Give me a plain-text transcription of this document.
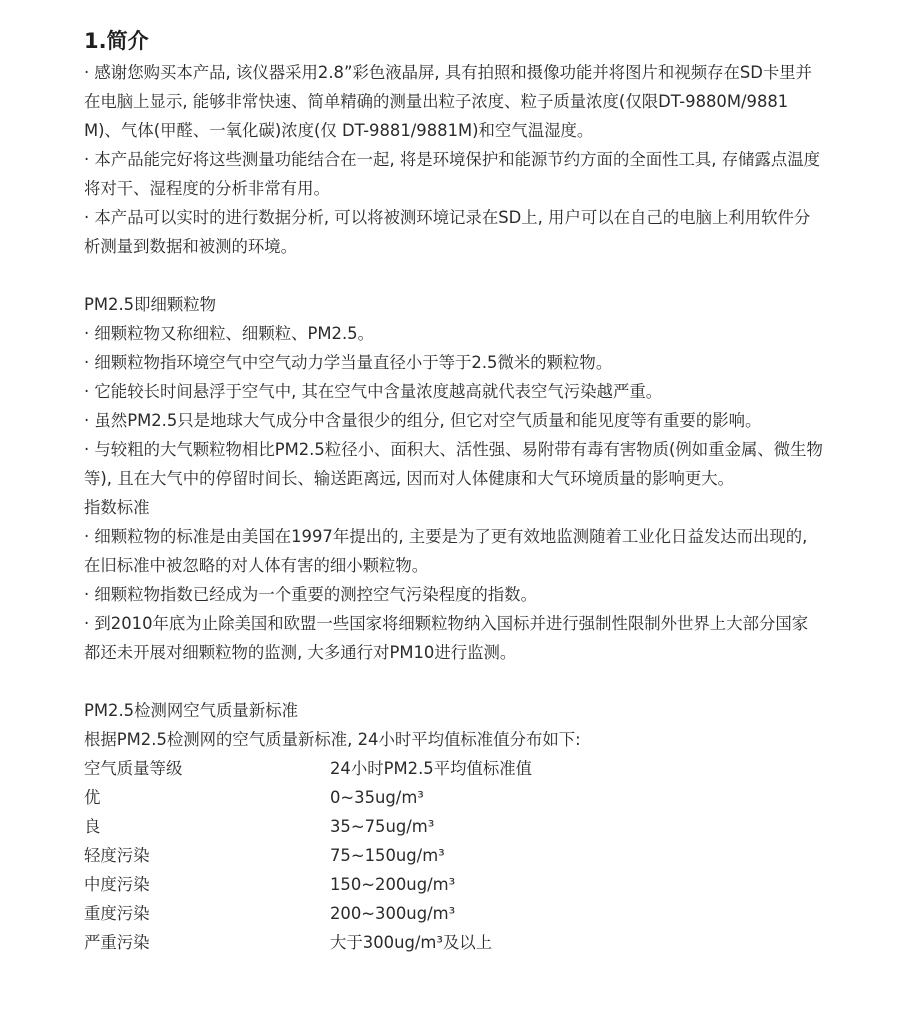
1.简介

· 感谢您购买本产品, 该仪器采用2.8”彩色液晶屏, 具有拍照和摄像功能并将图片和视频存在SD卡里并在电脑上显示, 能够非常快速、简单精确的测量出粒子浓度、粒子质量浓度(仅限DT-9880M/9881M)、气体(甲醛、一氧化碳)浓度(仅 DT-9881/9881M)和空气温湿度。

· 本产品能完好将这些测量功能结合在一起, 将是环境保护和能源节约方面的全面性工具, 存储露点温度将对干、湿程度的分析非常有用。

· 本产品可以实时的进行数据分析, 可以将被测环境记录在SD上, 用户可以在自己的电脑上利用软件分析测量到数据和被测的环境。

PM2.5即细颗粒物

· 细颗粒物又称细粒、细颗粒、PM2.5。

· 细颗粒物指环境空气中空气动力学当量直径小于等于2.5微米的颗粒物。

· 它能较长时间悬浮于空气中, 其在空气中含量浓度越高就代表空气污染越严重。

· 虽然PM2.5只是地球大气成分中含量很少的组分, 但它对空气质量和能见度等有重要的影响。

· 与较粗的大气颗粒物相比PM2.5粒径小、面积大、活性强、易附带有毒有害物质(例如重金属、微生物等), 且在大气中的停留时间长、输送距离远, 因而对人体健康和大气环境质量的影响更大。

指数标准

· 细颗粒物的标准是由美国在1997年提出的, 主要是为了更有效地监测随着工业化日益发达而出现的, 在旧标准中被忽略的对人体有害的细小颗粒物。

· 细颗粒物指数已经成为一个重要的测控空气污染程度的指数。

· 到2010年底为止除美国和欧盟一些国家将细颗粒物纳入国标并进行强制性限制外世界上大部分国家都还未开展对细颗粒物的监测, 大多通行对PM10进行监测。

PM2.5检测网空气质量新标准

根据PM2.5检测网的空气质量新标准, 24小时平均值标准值分布如下:

空气质量等级	24小时PM2.5平均值标准值
优	0~35ug/m³
良	35~75ug/m³
轻度污染	75~150ug/m³
中度污染	150~200ug/m³
重度污染	200~300ug/m³
严重污染	大于300ug/m³及以上
